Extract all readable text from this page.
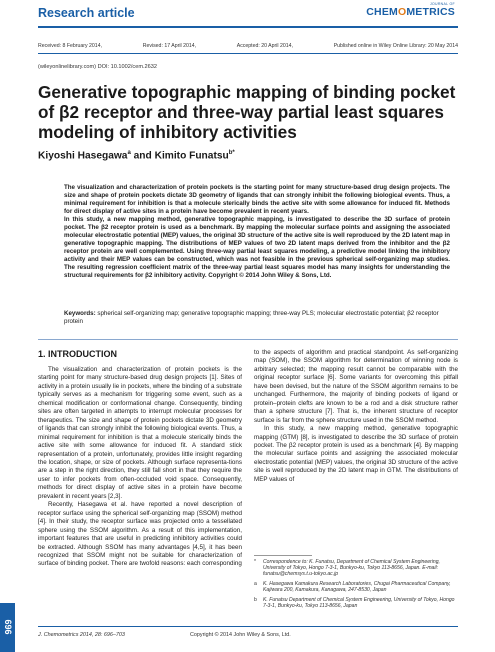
Research article
JOURNAL OF
CHEMOMETRICS
Received: 8 February 2014,	Revised: 17 April 2014,	Accepted: 20 April 2014,	Published online in Wiley Online Library: 20 May 2014
(wileyonlinelibrary.com) DOI: 10.1002/cem.2632
Generative topographic mapping of binding pocket of β2 receptor and three-way partial least squares modeling of inhibitory activities
Kiyoshi Hasegawa$^a$ and Kimito Funatsu$^{b*}$

The visualization and characterization of protein pockets is the starting point for many structure-based drug design projects. The size and shape of protein pockets dictate 3D geometry of ligands that can strongly inhibit the following biological events. Thus, a minimal requirement for inhibition is that a molecule sterically binds the active site with some allowance for induced fit. Methods for direct display of active sites in a protein have become prevalent in recent years.

In this study, a new mapping method, generative topographic mapping, is investigated to describe the 3D surface of protein pocket. The β2 receptor protein is used as a benchmark. By mapping the molecular surface points and assigning the associated molecular electrostatic potential (MEP) values, the original 3D structure of the active site is well reproduced by the 2D latent map in generative topographic mapping. The distributions of MEP values of two 2D latent maps derived from the inhibitor and the β2 receptor protein are well complemented. Using three-way partial least squares modeling, a predictive model linking the inhibitory activity and their MEP values can be constructed, which was not feasible in the previous spherical self-organizing map studies. The resulting regression coefficient matrix of the three-way partial least squares model has many insights for understanding the structural requirements for β2 inhibitory activity. Copyright © 2014 John Wiley & Sons, Ltd.

Keywords: spherical self-organizing map; generative topographic mapping; three-way PLS; molecular electrostatic potential; β2 receptor protein
1. INTRODUCTION

The visualization and characterization of protein pockets is the starting point for many structure-based drug design projects [1]. Sites of activity in a protein usually lie in pockets, where the binding of a substrate typically serves as a mechanism for triggering some event, such as a chemical modification or conformational change. Consequently, binding sites are often targeted in attempts to interrupt molecular processes for therapeutics. The size and shape of protein pockets dictate 3D geometry of ligands that can strongly inhibit the following biological events. Thus, a minimal requirement for inhibition is that a molecule sterically binds the active site with some allowance for induced fit. A standard stick representation of a protein, unfortunately, provides little insight regarding the location, shape, or size of pockets. Although surface representa-tions are a step in the right direction, they still fall short in that they require the user to infer pockets from often-occluded void space. Consequently, methods for direct display of active sites in a protein have become prevalent in recent years [2,3].

Recently, Hasegawa et al. have reported a novel description of receptor surface using the spherical self-organizing map (SSOM) method [4]. In their study, the receptor surface was projected onto a tessellated sphere using the SSOM algorithm. As a result of this implementation, important features that are useful in predicting inhibitory activities could be extracted. Although SSOM has many advantages [4,5], it has been recognized that SSOM might not be suitable for characterization of surface of binding pocket. There are twofold reasons: each corresponding

to the aspects of algorithm and practical standpoint. As self-organizing map (SOM), the SSOM algorithm for determination of winning node is arbitrary selected; the mapping result cannot be comparable with the original receptor surface [6]. Some variants for overcoming this pitfall have been devised, but the nature of the SSOM algorithm remains to be unchanged. Furthermore, the majority of binding pockets of ligand or protein–protein clefts are known to be a rod and a disk structure rather than a sphere structure [7]. That is, the inherent structure of receptor surface is far from the sphere structure used in the SSOM method.

In this study, a new mapping method, generative topographic mapping (GTM) [8], is investigated to describe the 3D surface of protein pocket. The β2 receptor protein is used as a benchmark [4]. By mapping the molecular surface points and assigning the associated molecular electrostatic potential (MEP) values, the original 3D structure of the active site is well reproduced by the 2D latent map in GTM. The distributions of MEP values of

*	Correspondence to: K. Funatsu, Department of Chemical System Engineering, University of Tokyo, Hongo 7-3-1, Bunkyo-ku, Tokyo 113-8656, Japan. E-mail: funatsu@chemsys.t.u-tokyo.ac.jp

a	K. Hasegawa Kamakura Research Laboratories, Chugai Pharmaceutical Company, Kajiwara 200, Kamakura, Kanagawa, 247-8530, Japan

b	K. Funatsu Department of Chemical System Engineering, University of Tokyo, Hongo 7-3-1, Bunkyo-ku, Tokyo 113-8656, Japan

696
J. Chemometrics 2014, 28: 696–703	Copyright © 2014 John Wiley & Sons, Ltd.
